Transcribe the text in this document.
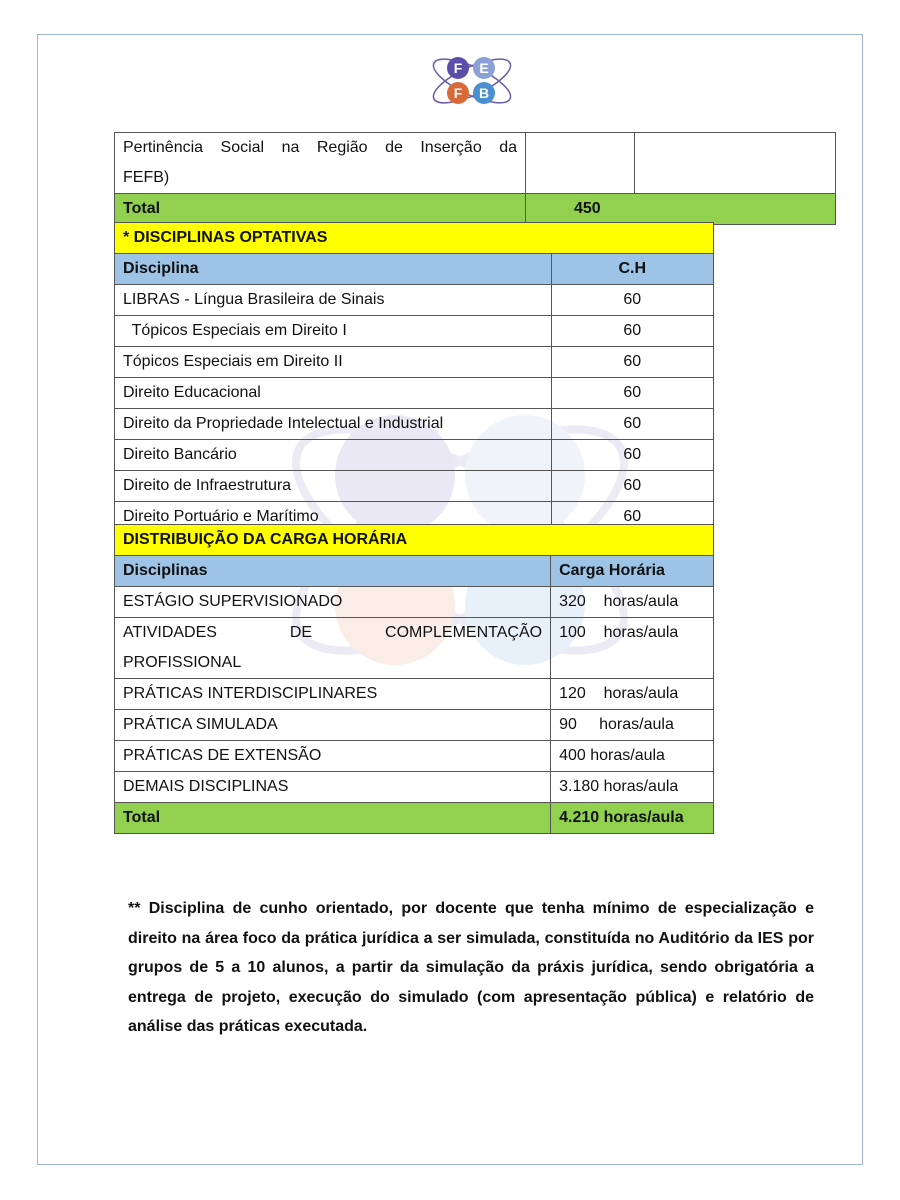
F E
F B
Pertinência Social na Região de Inserção da
FEFB)		

Total	450	
* DISCIPLINAS OPTATIVAS	
Disciplina	C.H
LIBRAS - Língua Brasileira de Sinais	60
Tópicos Especiais em Direito I	60
Tópicos Especiais em Direito II	60
Direito Educacional	60
Direito da Propriedade Intelectual e Industrial	60
Direito Bancário	60
Direito de Infraestrutura	60
Direito Portuário e Marítimo	60
DISTRIBUIÇÃO DA CARGA HORÁRIA	
Disciplinas	Carga Horária
ESTÁGIO SUPERVISIONADO	320    horas/aula

ATIVIDADES DE COMPLEMENTAÇÃO
PROFISSIONAL	100    horas/aula
PRÁTICAS INTERDISCIPLINARES	120    horas/aula
PRÁTICA SIMULADA	90     horas/aula
PRÁTICAS DE EXTENSÃO	400 horas/aula
DEMAIS DISCIPLINAS	3.180 horas/aula
Total	4.210 horas/aula
** Disciplina de cunho orientado, por docente que tenha mínimo de especialização e direito na área foco da prática jurídica a ser simulada, constituída no Auditório da IES por grupos de 5 a 10 alunos, a partir da simulação da práxis jurídica, sendo obrigatória a entrega de projeto, execução do simulado (com apresentação pública) e relatório de análise das práticas executada.
